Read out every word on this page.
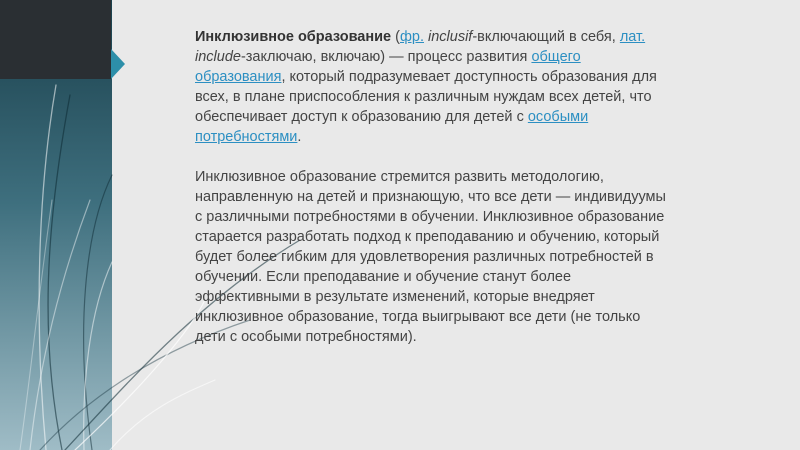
Инклюзивное образование (фр. inclusif-включающий в себя, лат. include-заключаю, включаю) — процесс развития общего образования, который подразумевает доступность образования для всех, в плане приспособления к различным нуждам всех детей, что обеспечивает доступ к образованию для детей с особыми потребностями.

Инклюзивное образование стремится развить методологию, направленную на детей и признающую, что все дети — индивидуумы с различными потребностями в обучении. Инклюзивное образование старается разработать подход к преподаванию и обучению, который будет более гибким для удовлетворения различных потребностей в обучении. Если преподавание и обучение станут более эффективными в результате изменений, которые внедряет инклюзивное образование, тогда выигрывают все дети (не только дети с особыми потребностями).
